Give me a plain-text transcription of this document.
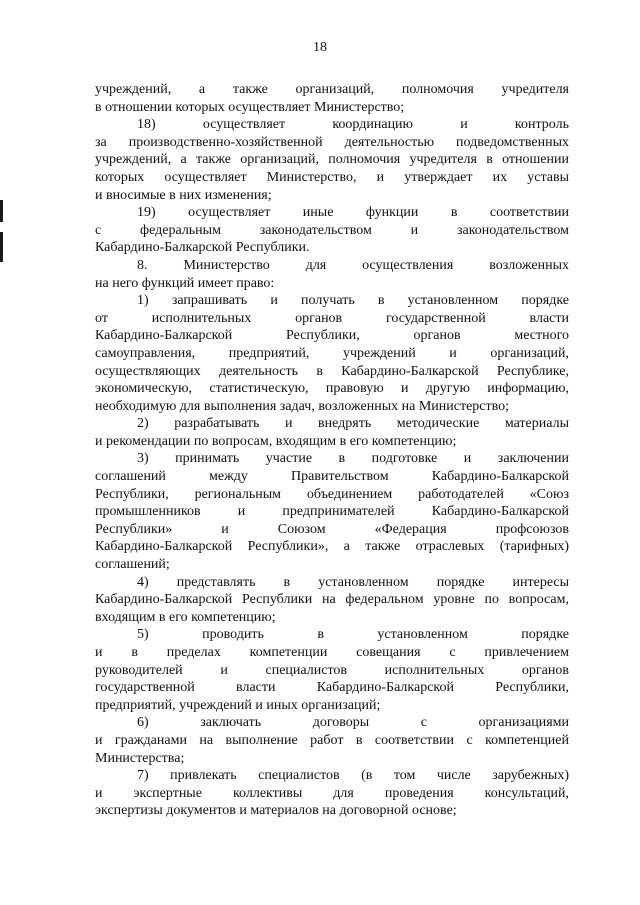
18

учреждений, а также организаций, полномочия учредителя
в отношении которых осуществляет Министерство;

18) осуществляет координацию и контроль
за производственно-хозяйственной деятельностью подведомственных
учреждений, а также организаций, полномочия учредителя в отношении
которых осуществляет Министерство, и утверждает их уставы
и вносимые в них изменения;

19) осуществляет иные функции в соответствии
с федеральным законодательством и законодательством
Кабардино-Балкарской Республики.

8. Министерство для осуществления возложенных
на него функций имеет право:

1) запрашивать и получать в установленном порядке
от исполнительных органов государственной власти
Кабардино-Балкарской Республики, органов местного
самоуправления, предприятий, учреждений и организаций,
осуществляющих деятельность в Кабардино-Балкарской Республике,
экономическую, статистическую, правовую и другую информацию,
необходимую для выполнения задач, возложенных на Министерство;

2) разрабатывать и внедрять методические материалы
и рекомендации по вопросам, входящим в его компетенцию;

3) принимать участие в подготовке и заключении
соглашений между Правительством Кабардино-Балкарской
Республики, региональным объединением работодателей «Союз
промышленников и предпринимателей Кабардино-Балкарской
Республики» и Союзом «Федерация профсоюзов
Кабардино-Балкарской Республики», а также отраслевых (тарифных)
соглашений;

4) представлять в установленном порядке интересы
Кабардино-Балкарской Республики на федеральном уровне по вопросам,
входящим в его компетенцию;

5) проводить в установленном порядке
и в пределах компетенции совещания с привлечением
руководителей и специалистов исполнительных органов
государственной власти Кабардино-Балкарской Республики,
предприятий, учреждений и иных организаций;

6) заключать договоры с организациями
и гражданами на выполнение работ в соответствии с компетенцией
Министерства;

7) привлекать специалистов (в том числе зарубежных)
и экспертные коллективы для проведения консультаций,
экспертизы документов и материалов на договорной основе;
